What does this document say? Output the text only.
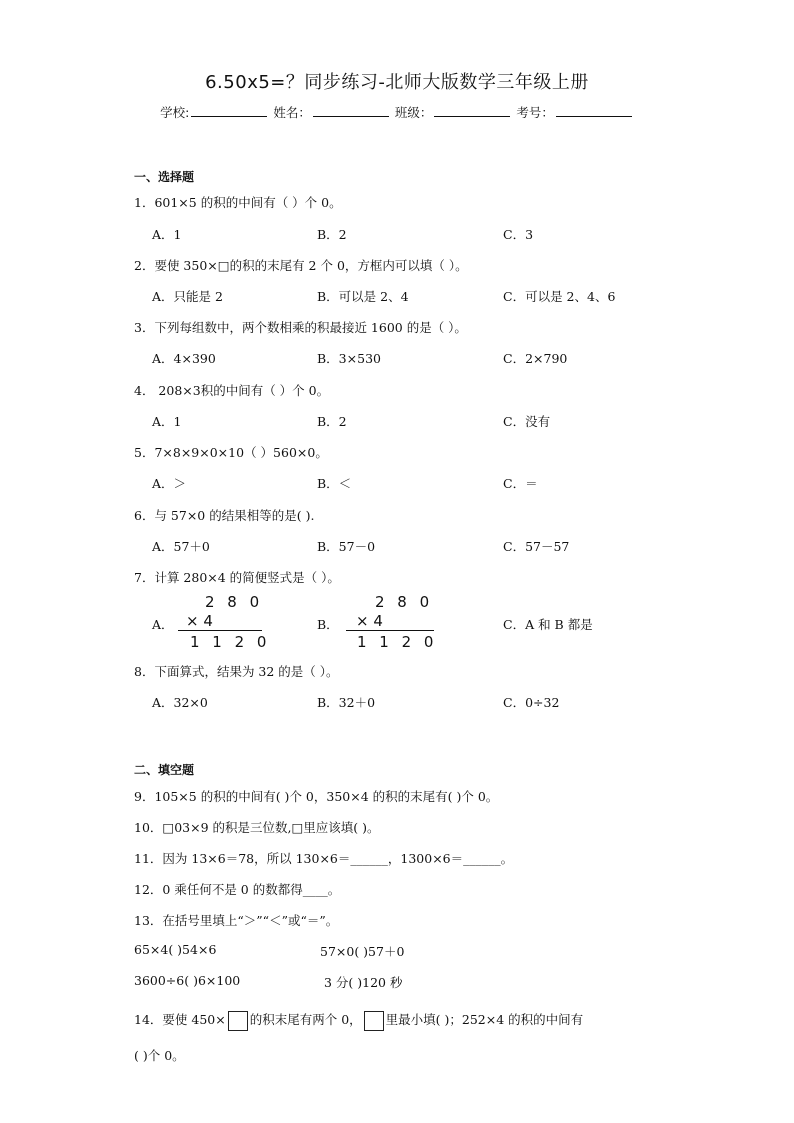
6.50x5=？同步练习-北师大版数学三年级上册
学校:	姓名：	班级：	考号：
一、选择题
1．601×5 的积的中间有（ ）个 0。
A．1	B．2	C．3
2．要使 350×□的积的末尾有 2 个 0，方框内可以填（ ）。
A．只能是 2	B．可以是 2、4	C．可以是 2、4、6
3．下列每组数中，两个数相乘的积最接近 1600 的是（ ）。
A．4×390	B．3×530	C．2×790
4． 208×3积的中间有（ ）个 0。
A．1	B．2	C．没有
5．7×8×9×0×10（ ）560×0。
A．＞	B．＜	C．＝
6．与 57×0 的结果相等的是( ).
A．57＋0	B．57－0	C．57－57
7．计算 280×4 的简便竖式是（ ）。
A．
2 8 0
× 4
1 1 2 0
B．
2 8 0
× 4
1 1 2 0
C．A 和 B 都是
8．下面算式，结果为 32 的是（ ）。
A．32×0	B．32＋0	C．0÷32
二、填空题
9．105×5 的积的中间有( )个 0，350×4 的积的末尾有( )个 0。
10．□03×9 的积是三位数,□里应该填( )。
11．因为 13×6＝78，所以 130×6＝______，1300×6＝______。
12．0 乘任何不是 0 的数都得____。
13．在括号里填上“＞”“＜”或“＝”。
65×4( )54×6	57×0( )57＋0
3600÷6( )6×100	3 分( )120 秒
14．要使 450× 的积末尾有两个 0， 里最小填( )；252×4 的积的中间有
( )个 0。
